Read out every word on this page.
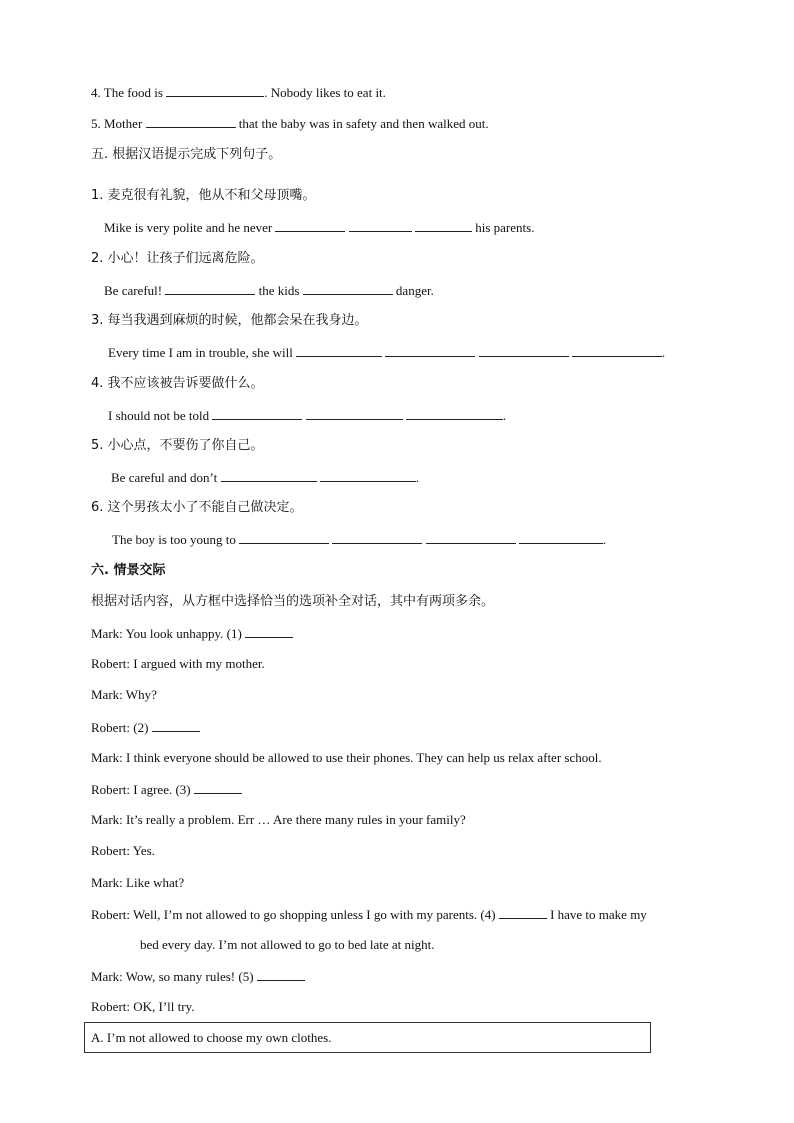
4. The food is	. Nobody likes to eat it.
5. Mother	that the baby was in safety and then walked out.
五. 根据汉语提示完成下列句子。
1. 麦克很有礼貌，他从不和父母顶嘴。
Mike is very polite and he never	his parents.
2. 小心！让孩子们远离危险。
Be careful!	the kids	danger.
3. 每当我遇到麻烦的时候，他都会呆在我身边。
Every time I am in trouble, she will	.
4. 我不应该被告诉要做什么。
I should not be told	.
5. 小心点，不要伤了你自己。
Be careful and don’t	.
6. 这个男孩太小了不能自己做决定。
The boy is too young to	.
六. 情景交际
根据对话内容，从方框中选择恰当的选项补全对话，其中有两项多余。
Mark: You look unhappy. (1)
Robert: I argued with my mother.
Mark: Why?
Robert: (2)
Mark: I think everyone should be allowed to use their phones. They can help us relax after school.
Robert: I agree. (3)
Mark: It’s really a problem. Err … Are there many rules in your family?
Robert: Yes.
Mark: Like what?
Robert: Well, I’m not allowed to go shopping unless I go with my parents. (4)	I have to make my
bed every day. I’m not allowed to go to bed late at night.
Mark: Wow, so many rules! (5)
Robert: OK, I’ll try.
A. I’m not allowed to choose my own clothes.
